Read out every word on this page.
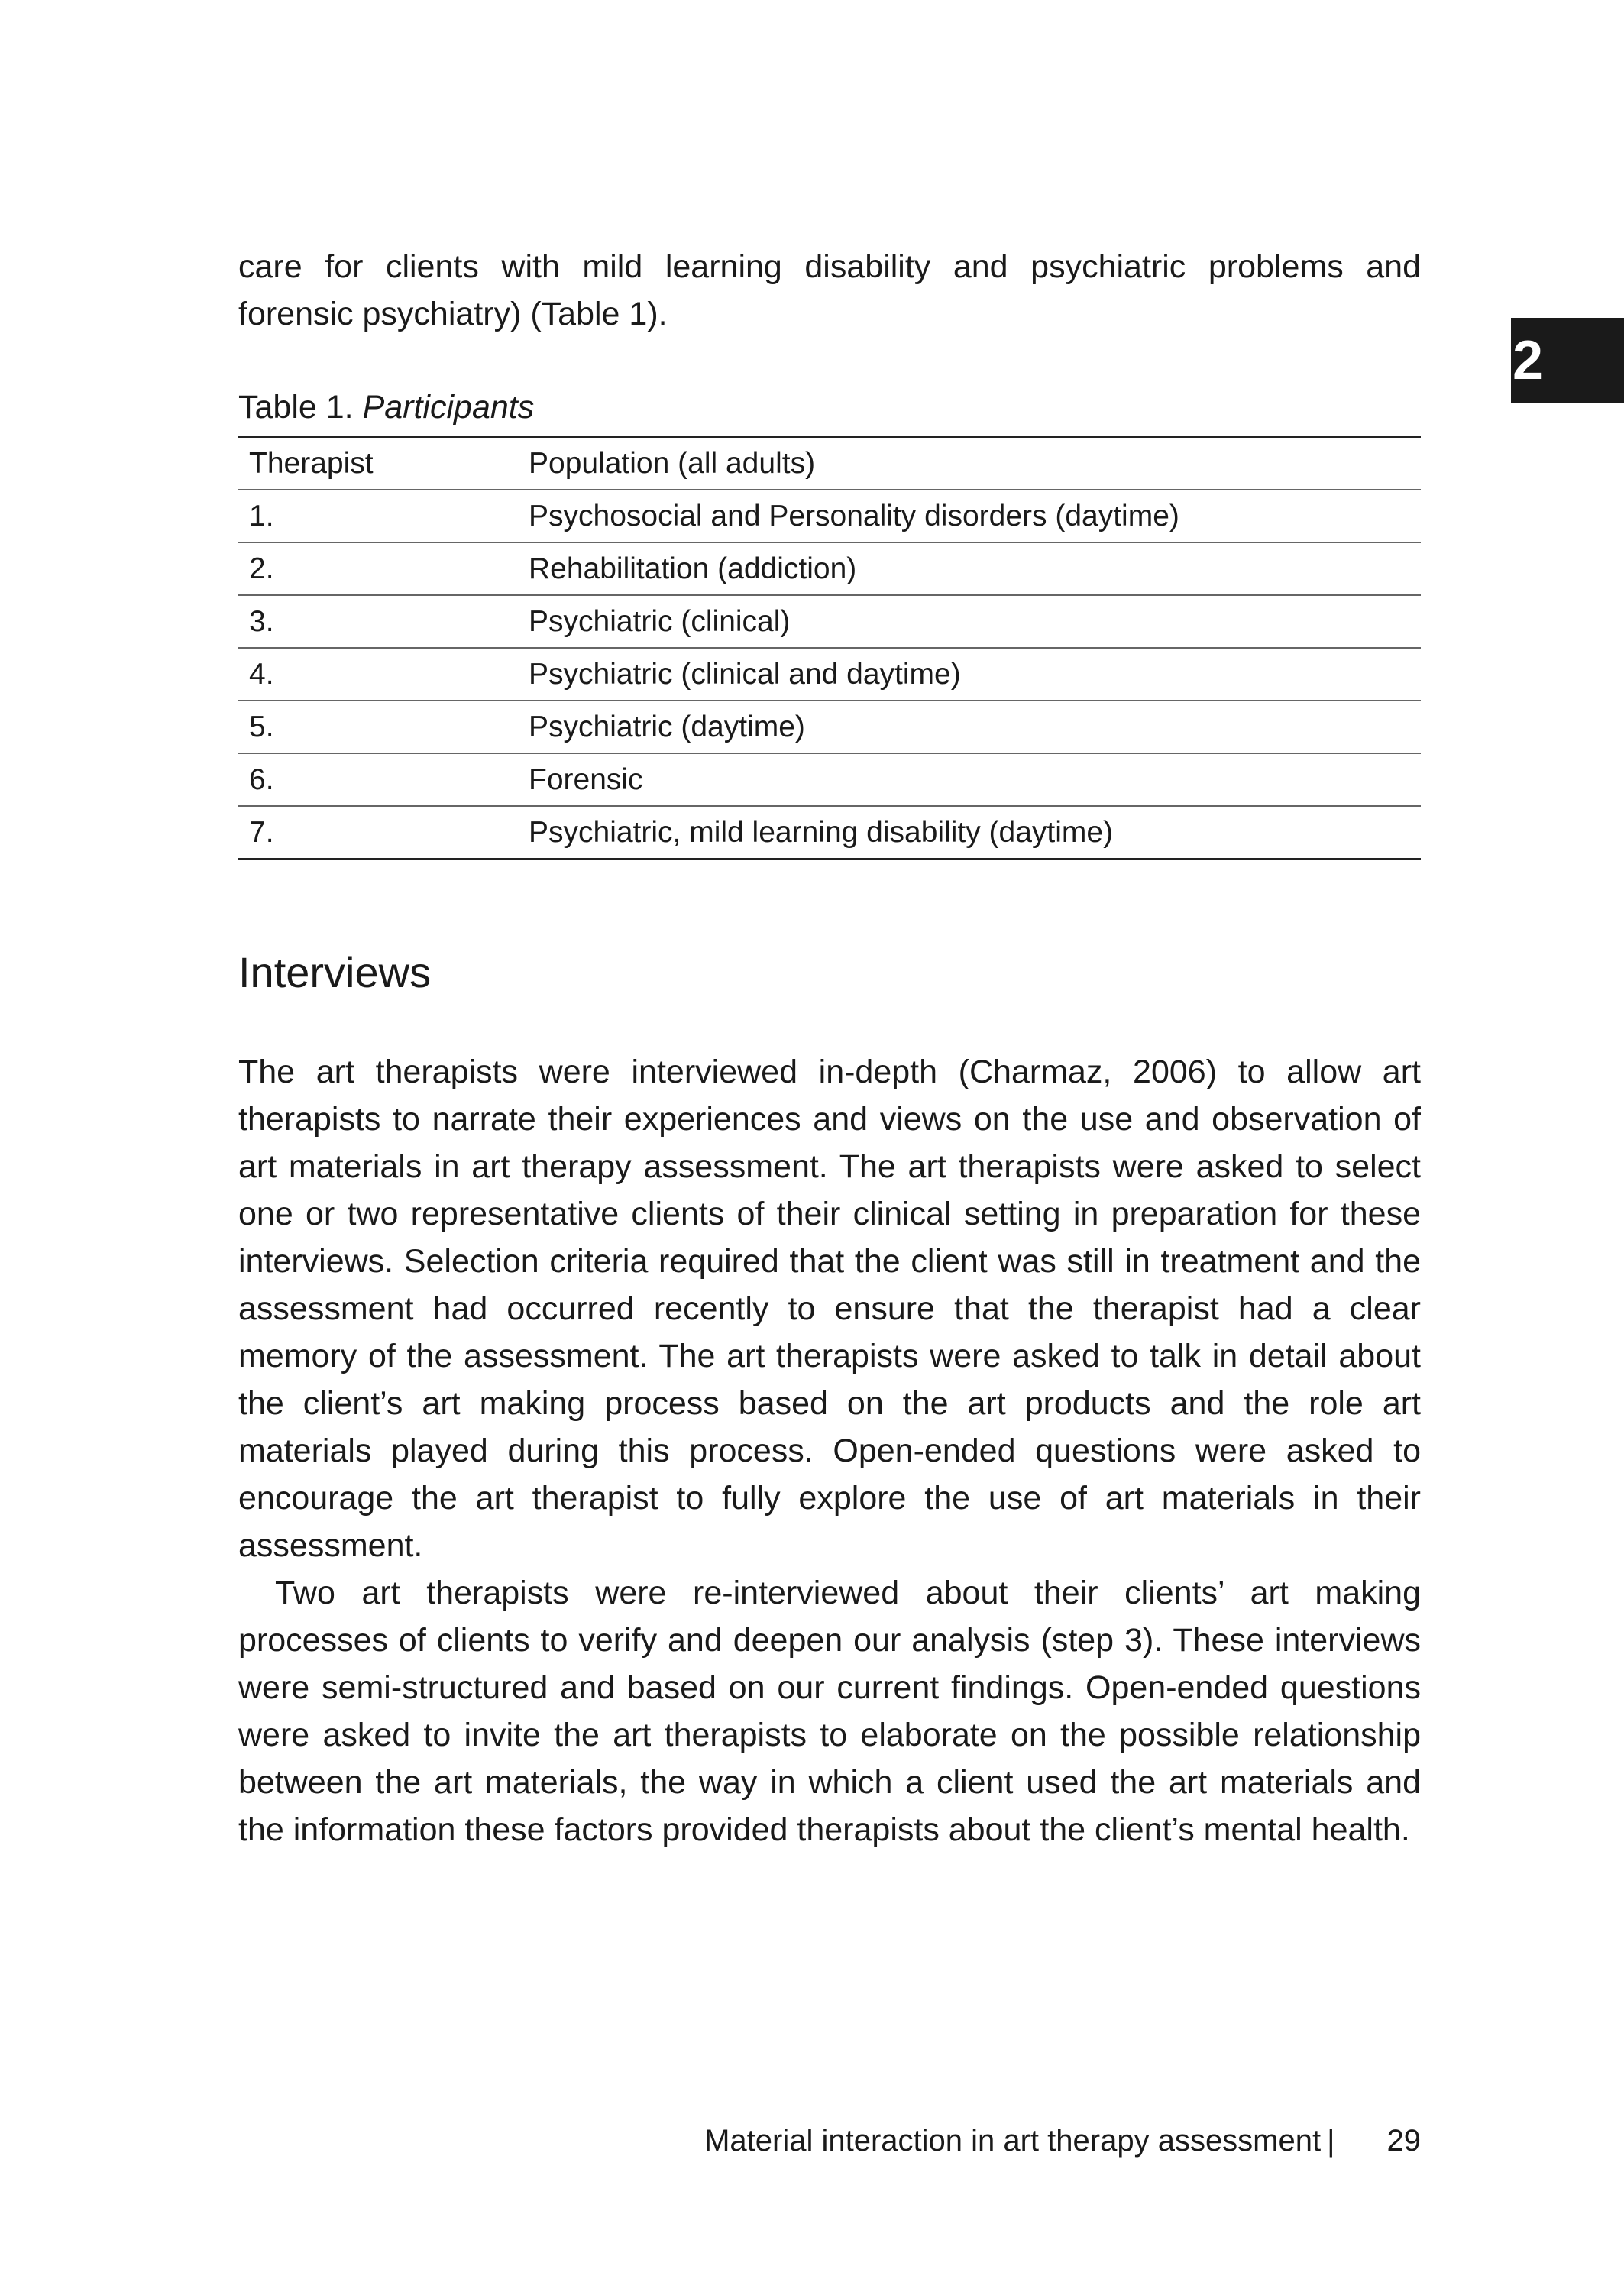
2
care for clients with mild learning disability and psychiatric problems and
forensic psychiatry) (Table 1).

Table 1. Participants

Therapist	Population (all adults)
1.	Psychosocial and Personality disorders (daytime)
2.	Rehabilitation (addiction)
3.	Psychiatric (clinical)
4.	Psychiatric (clinical and daytime)
5.	Psychiatric (daytime)
6.	Forensic
7.	Psychiatric, mild learning disability (daytime)
Interviews

The art therapists were interviewed in-depth (Charmaz, 2006) to allow art therapists to narrate their experiences and views on the use and observation of art materials in art therapy assessment. The art therapists were asked to select one or two representative clients of their clinical setting in preparation for these interviews. Selection criteria required that the client was still in treatment and the assessment had occurred recently to ensure that the therapist had a clear memory of the assessment. The art therapists were asked to talk in detail about the client’s art making process based on the art products and the role art materials played during this process. Open-ended questions were asked to encourage the art therapist to fully explore the use of art materials in their assessment.

Two art therapists were re-interviewed about their clients’ art making processes of clients to verify and deepen our analysis (step 3). These interviews were semi-structured and based on our current findings. Open-ended questions were asked to invite the art therapists to elaborate on the possible relationship between the art materials, the way in which a client used the art materials and the information these factors provided therapists about the client’s mental health.

Material interaction in art therapy assessment | 29
